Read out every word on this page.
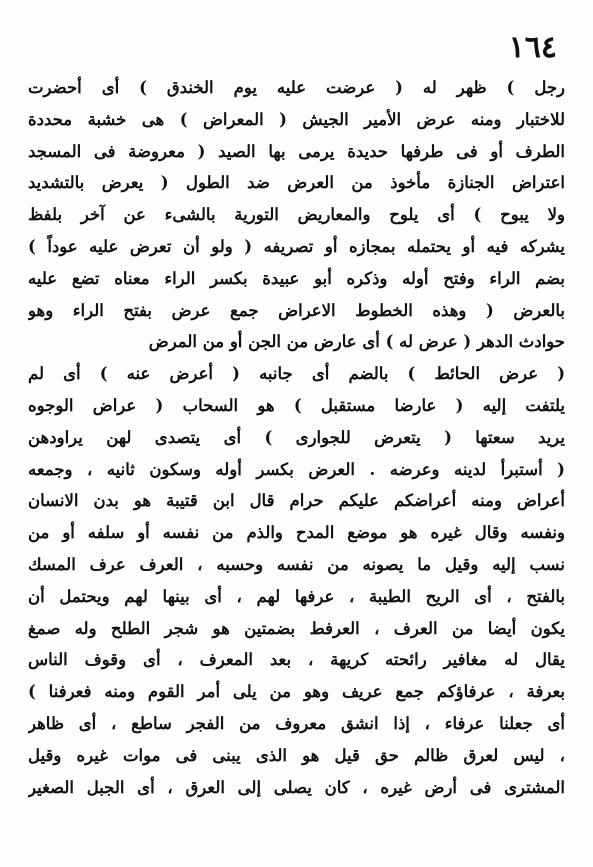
١٦٤
رجل ) ظهر له ( عرضت عليه يوم الخندق ) أى أحضرت
للاختبار ومنه عرض الأمير الجيش ( المعراض ) هى خشبة محددة
الطرف أو فى طرفها حديدة يرمى بها الصيد ( معروضة فى المسجد
اعتراض الجنازة مأخوذ من العرض ضد الطول ( يعرض بالتشديد
ولا يبوح ) أى يلوح والمعاريض التورية بالشىء عن آخر بلفظ
يشركه فيه أو يحتمله بمجازه أو تصريفه ( ولو أن تعرض عليه عوداً )
بضم الراء وفتح أوله وذكره أبو عبيدة بكسر الراء معناه تضع عليه
بالعرض ( وهذه الخطوط الاعراض جمع عرض بفتح الراء وهو
حوادث الدهر ( عرض له ) أى عارض من الجن أو من المرض
( عرض الحائط ) بالضم أى جانبه ( أعرض عنه ) أى لم
يلتفت إليه ( عارضا مستقبل ) هو السحاب ( عراض الوجوه
يريد سعتها ( يتعرض للجوارى ) أى يتصدى لهن يراودهن
( أستبرأ لدينه وعرضه . العرض بكسر أوله وسكون ثانيه ، وجمعه
أعراض ومنه أعراضكم عليكم حرام قال ابن قتيبة هو بدن الانسان
ونفسه وقال غيره هو موضع المدح والذم من نفسه أو سلفه أو من
نسب إليه وقيل ما يصونه من نفسه وحسبه ، العرف عرف المسك
بالفتح ، أى الريح الطيبة ، عرفها لهم ، أى بينها لهم ويحتمل أن
يكون أيضا من العرف ، العرفط بضمتين هو شجر الطلح وله صمغ
يقال له مغافير رائحته كريهة ، بعد المعرف ، أى وقوف الناس
بعرفة ، عرفاؤكم جمع عريف وهو من يلى أمر القوم ومنه فعرفنا )
أى جعلنا عرفاء ، إذا انشق معروف من الفجر ساطع ، أى ظاهر
، ليس لعرق ظالم حق قيل هو الذى يبنى فى موات غيره وقيل
المشترى فى أرض غيره ، كان يصلى إلى العرق ، أى الجبل الصغير
